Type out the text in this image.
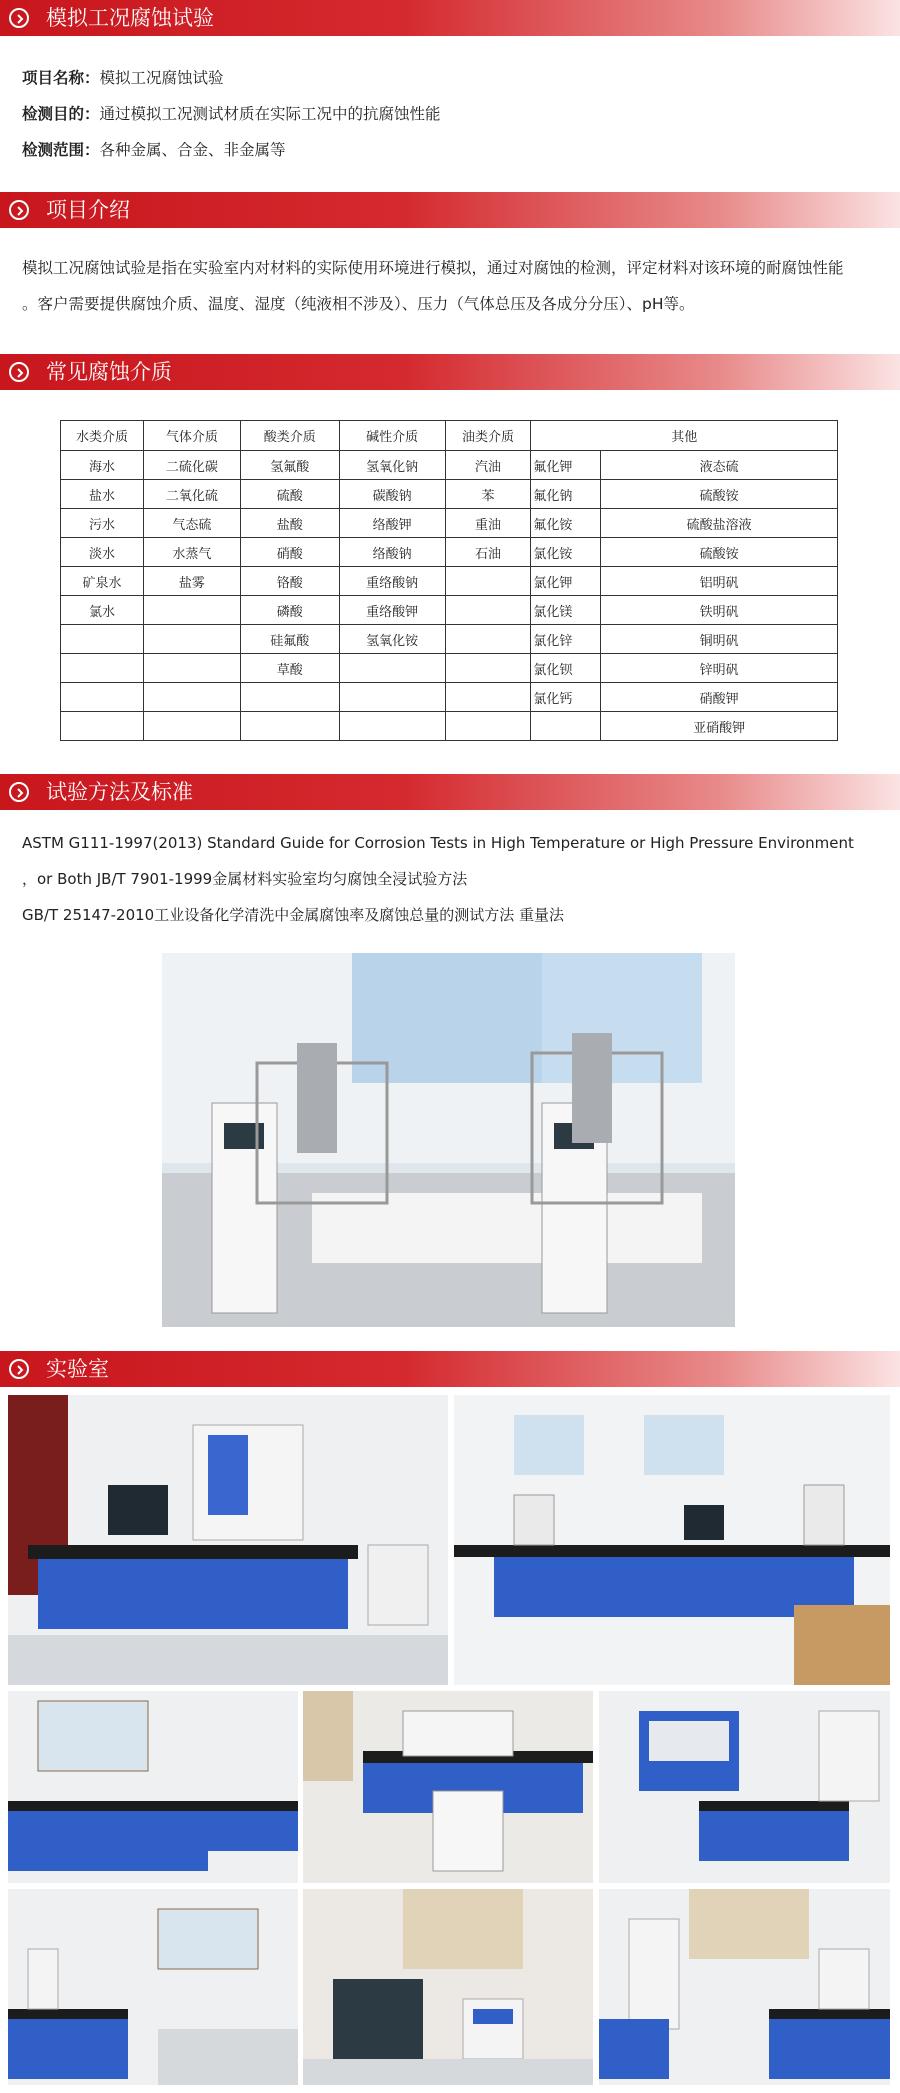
模拟工况腐蚀试验
项目名称：模拟工况腐蚀试验
检测目的：通过模拟工况测试材质在实际工况中的抗腐蚀性能
检测范围：各种金属、合金、非金属等
项目介绍
模拟工况腐蚀试验是指在实验室内对材料的实际使用环境进行模拟，通过对腐蚀的检测，评定材料对该环境的耐腐蚀性能
。客户需要提供腐蚀介质、温度、湿度（纯液相不涉及）、压力（气体总压及各成分分压）、pH等。
常见腐蚀介质
水类介质	气体介质	酸类介质	碱性介质	油类介质	其他	
海水	二硫化碳	氢氟酸	氢氧化钠	汽油	氟化钾	液态硫
盐水	二氧化硫	硫酸	碳酸钠	苯	氟化钠	硫酸铵
污水	气态硫	盐酸	络酸钾	重油	氟化铵	硫酸盐溶液
淡水	水蒸气	硝酸	络酸钠	石油	氯化铵	硫酸铵
矿泉水	盐雾	铬酸	重络酸钠		氯化钾	铝明矾
氯水		磷酸	重络酸钾		氯化镁	铁明矾
		硅氟酸	氢氧化铵		氯化锌	铜明矾
		草酸			氯化钡	锌明矾
					氯化钙	硝酸钾
						亚硝酸钾
试验方法及标准
ASTM G111-1997(2013) Standard Guide for Corrosion Tests in High Temperature or High Pressure Environment
，or Both JB/T 7901-1999金属材料实验室均匀腐蚀全浸试验方法
GB/T 25147-2010工业设备化学清洗中金属腐蚀率及腐蚀总量的测试方法 重量法
实验室
